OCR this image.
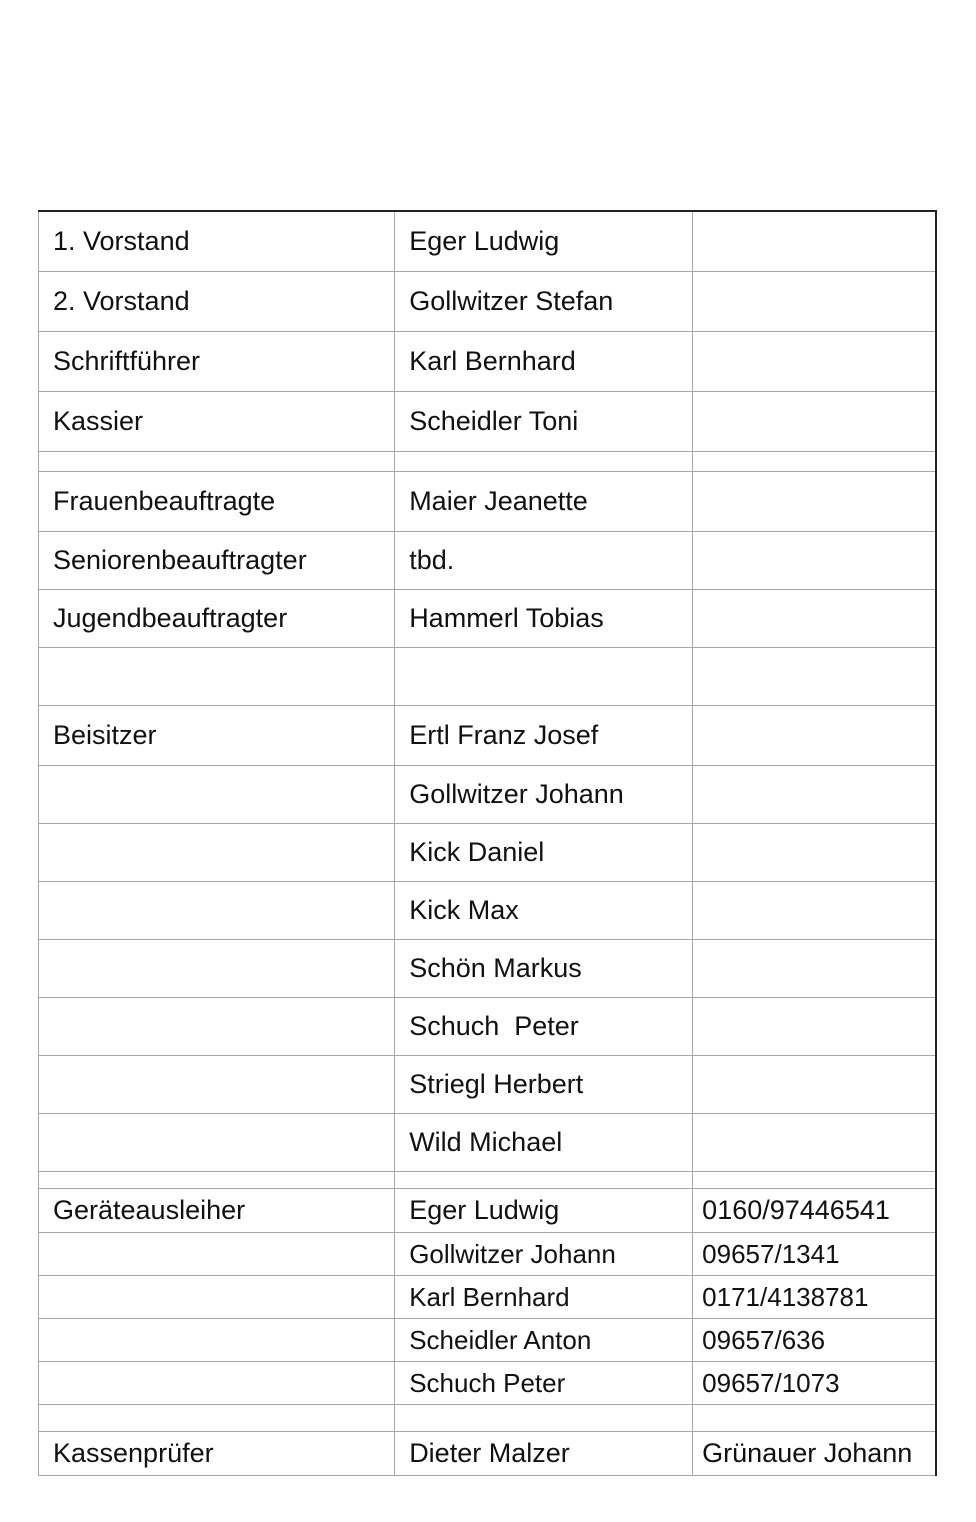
1. Vorstand	Eger Ludwig	
2. Vorstand	Gollwitzer Stefan	
Schriftführer	Karl Bernhard	
Kassier	Scheidler Toni	

Frauenbeauftragte	Maier Jeanette	
Seniorenbeauftragter	tbd.	
Jugendbeauftragter	Hammerl Tobias	

Beisitzer	Ertl Franz Josef	
	Gollwitzer Johann	
	Kick Daniel	
	Kick Max	
	Schön Markus	
	Schuch  Peter	
	Striegl Herbert	
	Wild Michael	

Geräteausleiher	Eger Ludwig	0160/97446541
	Gollwitzer Johann	09657/1341
	Karl Bernhard	0171/4138781
	Scheidler Anton	09657/636
	Schuch Peter	09657/1073

Kassenprüfer	Dieter Malzer	Grünauer Johann
